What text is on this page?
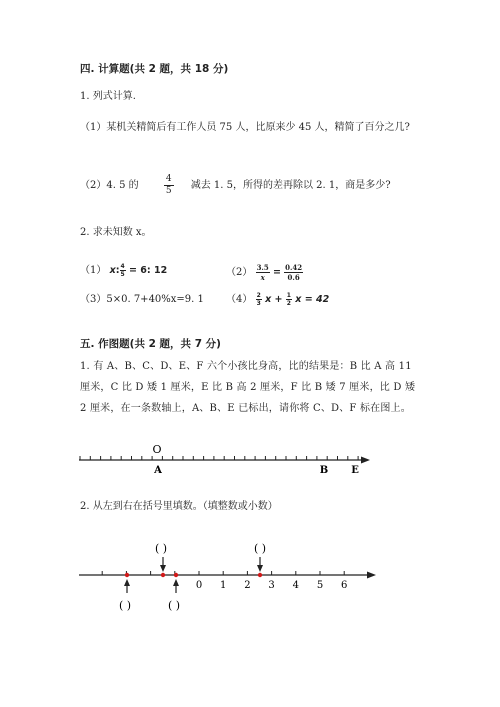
四. 计算题(共 2 题，共 18 分)
1. 列式计算.
（1）某机关精简后有工作人员 75 人，比原来少 45 人，精简了百分之几?
（2）4. 5 的	$\frac{4}{5}$ 减去 1. 5，所得的差再除以 2. 1，商是多少?
2. 求未知数 x。
（1） x: $\frac{4}{5} = 6$: 12	$(2) \frac{3.5}{x} = \frac{0.42}{0.6}$
（3）5×0. 7+40%x=9. 1 $(4) \frac{2}{3}$ $x + \frac{1}{2}$ x = 42
五. 作图题(共 2 题，共 7 分)
1. 有 A、B、C、D、E、F 六个小孩比身高，比的结果是：B 比 A 高 11 厘米，C 比 D 矮 1 厘米，E 比 B 高 2 厘米，F 比 B 矮 7 厘米，比 D 矮 2 厘米，在一条数轴上，A、B、E 已标出，请你将 C、D、F 标在图上。
O
A	B E
2. 从左到右在括号里填数。（填整数或小数）
0 1 2 3 4 5 6
( )	( )
( )	( )
